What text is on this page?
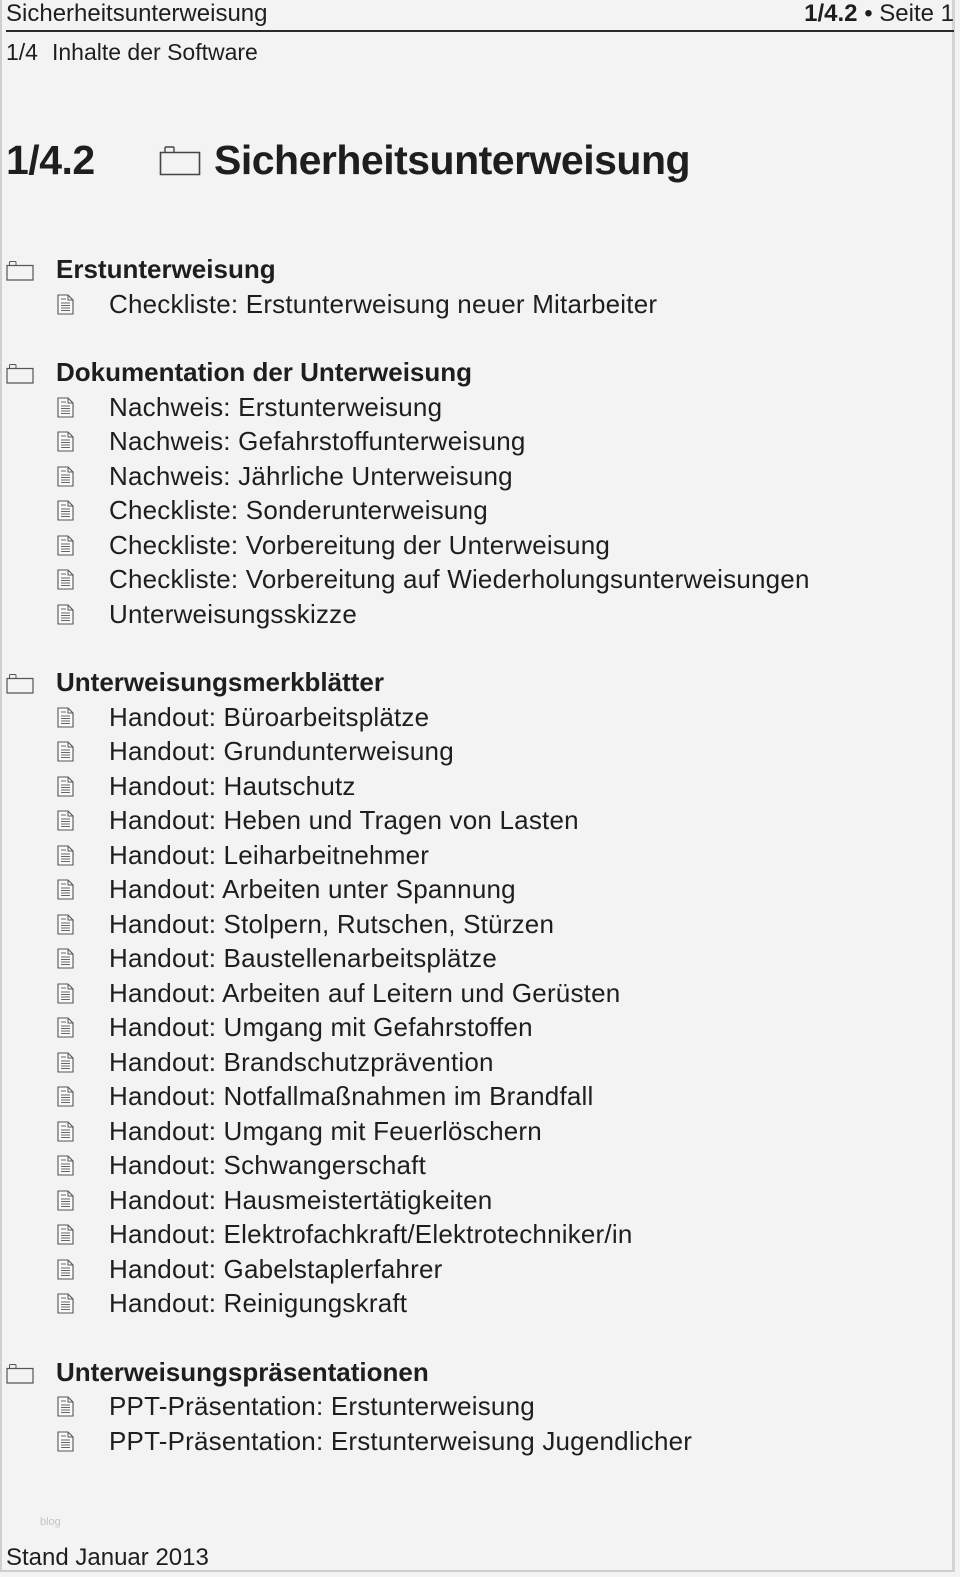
Sicherheitsunterweisung	1/4.2 • Seite 1
1/4 Inhalte der Software
1/4.2	Sicherheitsunterweisung
Erstunterweisung
Checkliste: Erstunterweisung neuer Mitarbeiter
Dokumentation der Unterweisung
Nachweis: Erstunterweisung
Nachweis: Gefahrstoffunterweisung
Nachweis: Jährliche Unterweisung
Checkliste: Sonderunterweisung
Checkliste: Vorbereitung der Unterweisung
Checkliste: Vorbereitung auf Wiederholungsunterweisungen
Unterweisungsskizze
Unterweisungsmerkblätter
Handout: Büroarbeitsplätze
Handout: Grundunterweisung
Handout: Hautschutz
Handout: Heben und Tragen von Lasten
Handout: Leiharbeitnehmer
Handout: Arbeiten unter Spannung
Handout: Stolpern, Rutschen, Stürzen
Handout: Baustellenarbeitsplätze
Handout: Arbeiten auf Leitern und Gerüsten
Handout: Umgang mit Gefahrstoffen
Handout: Brandschutzprävention
Handout: Notfallmaßnahmen im Brandfall
Handout: Umgang mit Feuerlöschern
Handout: Schwangerschaft
Handout: Hausmeistertätigkeiten
Handout: Elektrofachkraft/Elektrotechniker/in
Handout: Gabelstaplerfahrer
Handout: Reinigungskraft
Unterweisungspräsentationen
PPT-Präsentation: Erstunterweisung
PPT-Präsentation: Erstunterweisung Jugendlicher
blog
Stand Januar 2013
